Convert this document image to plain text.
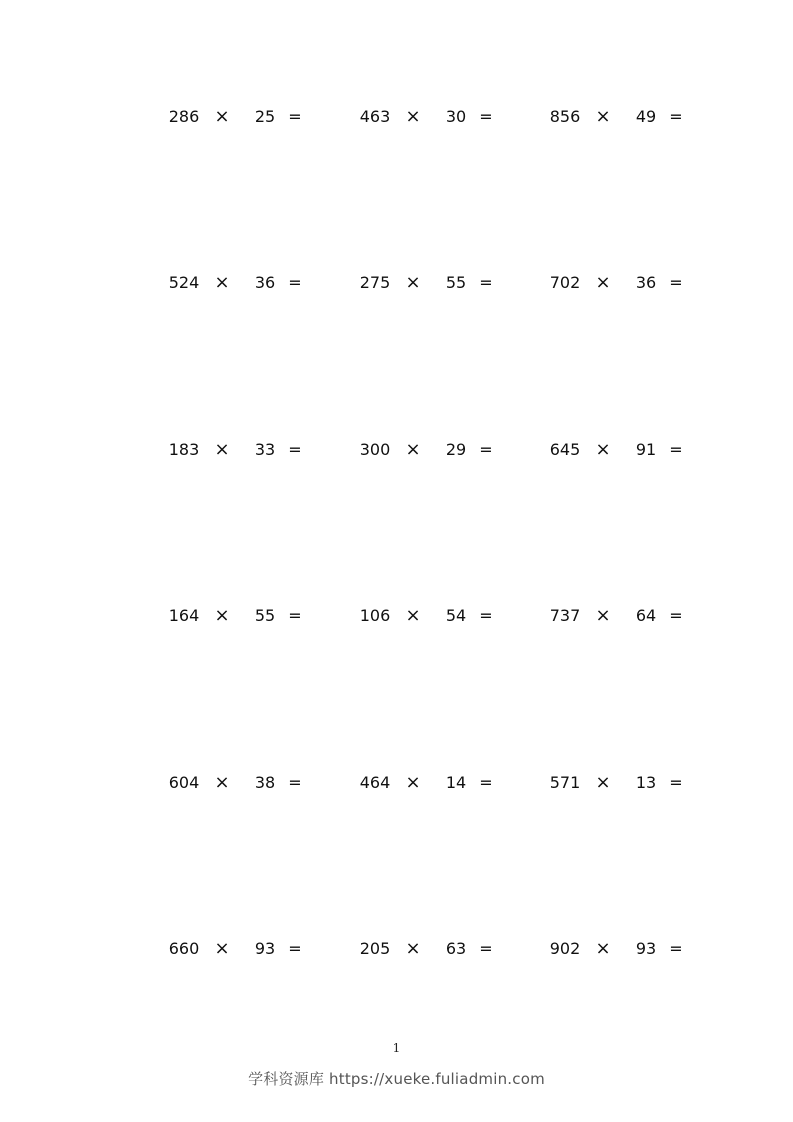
286 ×	25 =	463 ×	30 =	856 ×	49 =
524 ×	36 =	275 ×	55 =	702 ×	36 =
183 ×	33 =	300 ×	29 =	645 ×	91 =
164 ×	55 =	106 ×	54 =	737 ×	64 =
604 ×	38 =	464 ×	14 =	571 ×	13 =
660 ×	93 =	205 ×	63 =	902 ×	93 =
1
学科资源库 https://xueke.fuliadmin.com
